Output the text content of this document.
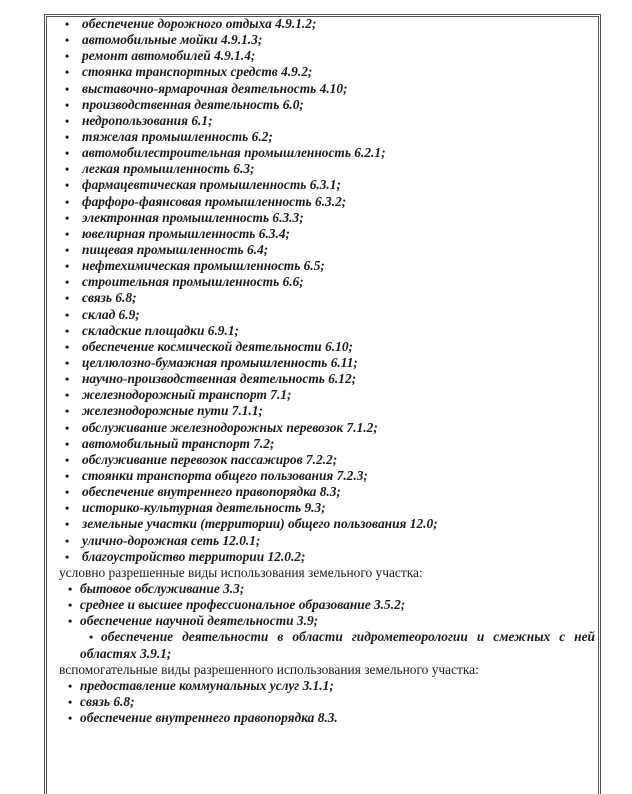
• обеспечение дорожного отдыха 4.9.1.2;
• автомобильные мойки 4.9.1.3;
• ремонт автомобилей 4.9.1.4;
• стоянка транспортных средств 4.9.2;
• выставочно-ярмарочная деятельность 4.10;
• производственная деятельность 6.0;
• недропользования 6.1;
• тяжелая промышленность 6.2;
• автомобилестроительная промышленность 6.2.1;
• легкая промышленность 6.3;
• фармацевтическая промышленность 6.3.1;
• фарфоро-фаянсовая промышленность 6.3.2;
• электронная промышленность 6.3.3;
• ювелирная промышленность 6.3.4;
• пищевая промышленность 6.4;
• нефтехимическая промышленность 6.5;
• строительная промышленность 6.6;
• связь 6.8;
• склад 6.9;
• складские площадки 6.9.1;
• обеспечение космической деятельности 6.10;
• целлюлозно-бумажная промышленность 6.11;
• научно-производственная деятельность 6.12;
• железнодорожный транспорт 7.1;
• железнодорожные пути 7.1.1;
• обслуживание железнодорожных перевозок 7.1.2;
• автомобильный транспорт 7.2;
• обслуживание перевозок пассажиров 7.2.2;
• стоянки транспорта общего пользования 7.2.3;
• обеспечение внутреннего правопорядка 8.3;
• историко-культурная деятельность 9.3;
• земельные участки (территории) общего пользования 12.0;
• улично-дорожная сеть 12.0.1;
• благоустройство территории 12.0.2;
условно разрешенные виды использования земельного участка:
• бытовое обслуживание 3.3;
• среднее и высшее профессиональное образование 3.5.2;
• обеспечение научной деятельности 3.9;
• обеспечение деятельности в области гидрометеорологии и смежных с ней областях 3.9.1;
вспомогательные виды разрешенного использования земельного участка:
• предоставление коммунальных услуг 3.1.1;
• связь 6.8;
• обеспечение внутреннего правопорядка 8.3.
